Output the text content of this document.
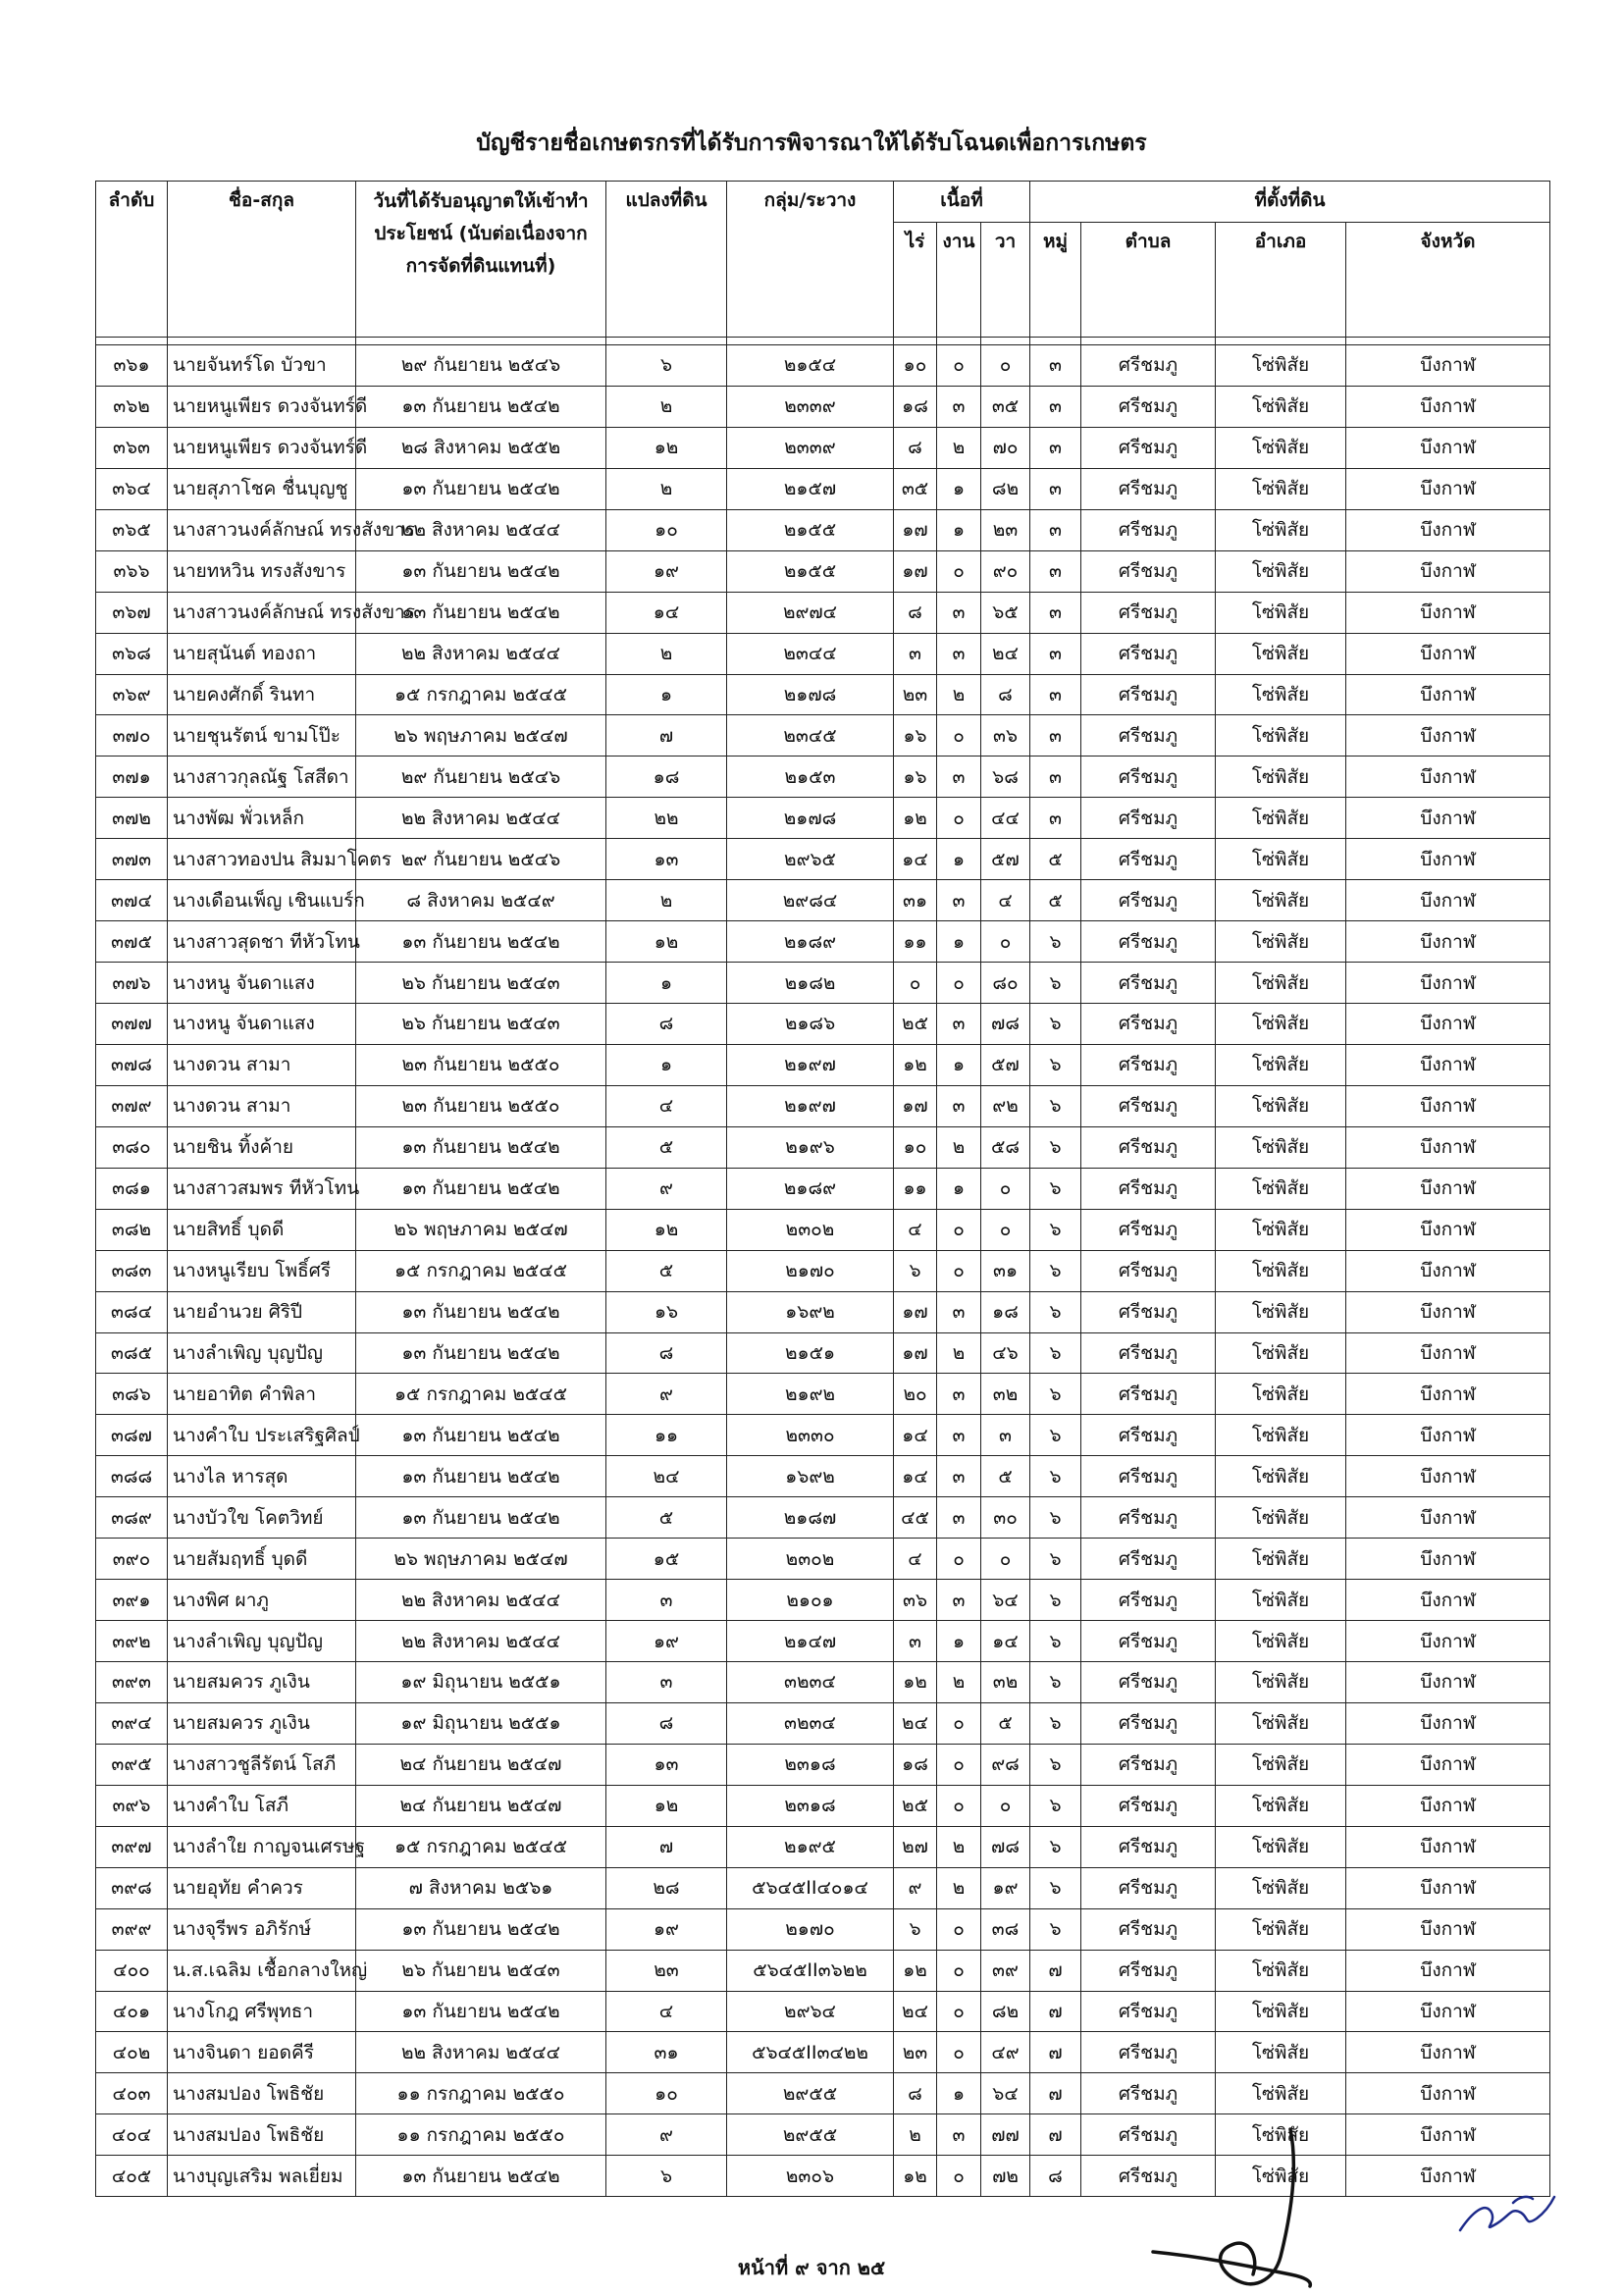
บัญชีรายชื่อเกษตรกรที่ได้รับการพิจารณาให้ได้รับโฉนดเพื่อการเกษตร
ลำดับ	ชื่อ-สกุล	วันที่ได้รับอนุญาตให้เข้าทำประโยชน์ (นับต่อเนื่องจากการจัดที่ดินแทนที่)	แปลงที่ดิน	กลุ่ม/ระวาง	เนื้อที่			ที่ตั้งที่ดิน			
					ไร่	งาน	วา	หมู่	ตำบล	อำเภอ	จังหวัด

๓๖๑	นายจันทร์โด บัวขา	๒๙ กันยายน ๒๕๔๖	๖	๒๑๕๔	๑๐	๐	๐	๓	ศรีชมภู	โซ่พิสัย	บึงกาฬ
๓๖๒	นายหนูเพียร ดวงจันทร์ดี	๑๓ กันยายน ๒๕๔๒	๒	๒๓๓๙	๑๘	๓	๓๕	๓	ศรีชมภู	โซ่พิสัย	บึงกาฬ
๓๖๓	นายหนูเพียร ดวงจันทร์ดี	๒๘ สิงหาคม ๒๕๕๒	๑๒	๒๓๓๙	๘	๒	๗๐	๓	ศรีชมภู	โซ่พิสัย	บึงกาฬ
๓๖๔	นายสุภาโชค ชื่นบุญชู	๑๓ กันยายน ๒๕๔๒	๒	๒๑๕๗	๓๕	๑	๘๒	๓	ศรีชมภู	โซ่พิสัย	บึงกาฬ
๓๖๕	นางสาวนงค์ลักษณ์ ทรงสังขาร	๒๒ สิงหาคม ๒๕๔๔	๑๐	๒๑๕๕	๑๗	๑	๒๓	๓	ศรีชมภู	โซ่พิสัย	บึงกาฬ
๓๖๖	นายทหวิน ทรงสังขาร	๑๓ กันยายน ๒๕๔๒	๑๙	๒๑๕๕	๑๗	๐	๙๐	๓	ศรีชมภู	โซ่พิสัย	บึงกาฬ
๓๖๗	นางสาวนงค์ลักษณ์ ทรงสังขาร	๑๓ กันยายน ๒๕๔๒	๑๔	๒๙๗๔	๘	๓	๖๕	๓	ศรีชมภู	โซ่พิสัย	บึงกาฬ
๓๖๘	นายสุนันต์ ทองถา	๒๒ สิงหาคม ๒๕๔๔	๒	๒๓๔๔	๓	๓	๒๔	๓	ศรีชมภู	โซ่พิสัย	บึงกาฬ
๓๖๙	นายคงศักดิ์ รินทา	๑๕ กรกฎาคม ๒๕๔๕	๑	๒๑๗๘	๒๓	๒	๘	๓	ศรีชมภู	โซ่พิสัย	บึงกาฬ
๓๗๐	นายชุนรัตน์ ขามโป๊ะ	๒๖ พฤษภาคม ๒๕๔๗	๗	๒๓๔๕	๑๖	๐	๓๖	๓	ศรีชมภู	โซ่พิสัย	บึงกาฬ
๓๗๑	นางสาวกุลณัฐ โสสีดา	๒๙ กันยายน ๒๕๔๖	๑๘	๒๑๕๓	๑๖	๓	๖๘	๓	ศรีชมภู	โซ่พิสัย	บึงกาฬ
๓๗๒	นางพัฒ พั่วเหล็ก	๒๒ สิงหาคม ๒๕๔๔	๒๒	๒๑๗๘	๑๒	๐	๔๔	๓	ศรีชมภู	โซ่พิสัย	บึงกาฬ
๓๗๓	นางสาวทองปน สิมมาโคตร	๒๙ กันยายน ๒๕๔๖	๑๓	๒๙๖๕	๑๔	๑	๕๗	๕	ศรีชมภู	โซ่พิสัย	บึงกาฬ
๓๗๔	นางเดือนเพ็ญ เชินแบร์ก	๘ สิงหาคม ๒๕๔๙	๒	๒๙๘๔	๓๑	๓	๔	๕	ศรีชมภู	โซ่พิสัย	บึงกาฬ
๓๗๕	นางสาวสุดชา ทีหัวโทน	๑๓ กันยายน ๒๕๔๒	๑๒	๒๑๘๙	๑๑	๑	๐	๖	ศรีชมภู	โซ่พิสัย	บึงกาฬ
๓๗๖	นางหนู จันดาแสง	๒๖ กันยายน ๒๕๔๓	๑	๒๑๘๒	๐	๐	๘๐	๖	ศรีชมภู	โซ่พิสัย	บึงกาฬ
๓๗๗	นางหนู จันดาแสง	๒๖ กันยายน ๒๕๔๓	๘	๒๑๘๖	๒๕	๓	๗๘	๖	ศรีชมภู	โซ่พิสัย	บึงกาฬ
๓๗๘	นางดวน สามา	๒๓ กันยายน ๒๕๕๐	๑	๒๑๙๗	๑๒	๑	๕๗	๖	ศรีชมภู	โซ่พิสัย	บึงกาฬ
๓๗๙	นางดวน สามา	๒๓ กันยายน ๒๕๕๐	๔	๒๑๙๗	๑๗	๓	๙๒	๖	ศรีชมภู	โซ่พิสัย	บึงกาฬ
๓๘๐	นายชิน ทิ้งค้าย	๑๓ กันยายน ๒๕๔๒	๕	๒๑๙๖	๑๐	๒	๕๘	๖	ศรีชมภู	โซ่พิสัย	บึงกาฬ
๓๘๑	นางสาวสมพร ทีหัวโทน	๑๓ กันยายน ๒๕๔๒	๙	๒๑๘๙	๑๑	๑	๐	๖	ศรีชมภู	โซ่พิสัย	บึงกาฬ
๓๘๒	นายสิทธิ์ บุดดี	๒๖ พฤษภาคม ๒๕๔๗	๑๒	๒๓๐๒	๔	๐	๐	๖	ศรีชมภู	โซ่พิสัย	บึงกาฬ
๓๘๓	นางหนูเรียบ โพธิ์ศรี	๑๕ กรกฎาคม ๒๕๔๕	๕	๒๑๗๐	๖	๐	๓๑	๖	ศรีชมภู	โซ่พิสัย	บึงกาฬ
๓๘๔	นายอำนวย ศิริปี	๑๓ กันยายน ๒๕๔๒	๑๖	๑๖๙๒	๑๗	๓	๑๘	๖	ศรีชมภู	โซ่พิสัย	บึงกาฬ
๓๘๕	นางลำเพิญ บุญปัญ	๑๓ กันยายน ๒๕๔๒	๘	๒๑๕๑	๑๗	๒	๔๖	๖	ศรีชมภู	โซ่พิสัย	บึงกาฬ
๓๘๖	นายอาทิต คำพิลา	๑๕ กรกฎาคม ๒๕๔๕	๙	๒๑๙๒	๒๐	๓	๓๒	๖	ศรีชมภู	โซ่พิสัย	บึงกาฬ
๓๘๗	นางคำใบ ประเสริฐศิลป์	๑๓ กันยายน ๒๕๔๒	๑๑	๒๓๓๐	๑๔	๓	๓	๖	ศรีชมภู	โซ่พิสัย	บึงกาฬ
๓๘๘	นางไล หารสุด	๑๓ กันยายน ๒๕๔๒	๒๔	๑๖๙๒	๑๔	๓	๕	๖	ศรีชมภู	โซ่พิสัย	บึงกาฬ
๓๘๙	นางบัวใข โคตวิทย์	๑๓ กันยายน ๒๕๔๒	๕	๒๑๘๗	๔๕	๓	๓๐	๖	ศรีชมภู	โซ่พิสัย	บึงกาฬ
๓๙๐	นายสัมฤทธิ์ บุดดี	๒๖ พฤษภาคม ๒๕๔๗	๑๕	๒๓๐๒	๔	๐	๐	๖	ศรีชมภู	โซ่พิสัย	บึงกาฬ
๓๙๑	นางพิศ ผาภู	๒๒ สิงหาคม ๒๕๔๔	๓	๒๑๐๑	๓๖	๓	๖๔	๖	ศรีชมภู	โซ่พิสัย	บึงกาฬ
๓๙๒	นางลำเพิญ บุญปัญ	๒๒ สิงหาคม ๒๕๔๔	๑๙	๒๑๔๗	๓	๑	๑๔	๖	ศรีชมภู	โซ่พิสัย	บึงกาฬ
๓๙๓	นายสมควร ภูเงิน	๑๙ มิถุนายน ๒๕๕๑	๓	๓๒๓๔	๑๒	๒	๓๒	๖	ศรีชมภู	โซ่พิสัย	บึงกาฬ
๓๙๔	นายสมควร ภูเงิน	๑๙ มิถุนายน ๒๕๕๑	๘	๓๒๓๔	๒๔	๐	๕	๖	ศรีชมภู	โซ่พิสัย	บึงกาฬ
๓๙๕	นางสาวชูลีรัตน์ โสภี	๒๔ กันยายน ๒๕๔๗	๑๓	๒๓๑๘	๑๘	๐	๙๘	๖	ศรีชมภู	โซ่พิสัย	บึงกาฬ
๓๙๖	นางคำใบ โสภี	๒๔ กันยายน ๒๕๔๗	๑๒	๒๓๑๘	๒๕	๐	๐	๖	ศรีชมภู	โซ่พิสัย	บึงกาฬ
๓๙๗	นางลำใย กาญจนเศรษฐ	๑๕ กรกฎาคม ๒๕๔๕	๗	๒๑๙๕	๒๗	๒	๗๘	๖	ศรีชมภู	โซ่พิสัย	บึงกาฬ
๓๙๘	นายอุทัย คำควร	๗ สิงหาคม ๒๕๖๑	๒๘	๕๖๔๕II๔๐๑๔	๙	๒	๑๙	๖	ศรีชมภู	โซ่พิสัย	บึงกาฬ
๓๙๙	นางจุรีพร อภิรักษ์	๑๓ กันยายน ๒๕๔๒	๑๙	๒๑๗๐	๖	๐	๓๘	๖	ศรีชมภู	โซ่พิสัย	บึงกาฬ
๔๐๐	น.ส.เฉลิม เชื้อกลางใหญ่	๒๖ กันยายน ๒๕๔๓	๒๓	๕๖๔๕II๓๖๒๒	๑๒	๐	๓๙	๗	ศรีชมภู	โซ่พิสัย	บึงกาฬ
๔๐๑	นางโกฎ ศรีพุทธา	๑๓ กันยายน ๒๕๔๒	๔	๒๙๖๔	๒๔	๐	๘๒	๗	ศรีชมภู	โซ่พิสัย	บึงกาฬ
๔๐๒	นางจินดา ยอดคีรี	๒๒ สิงหาคม ๒๕๔๔	๓๑	๕๖๔๕II๓๔๒๒	๒๓	๐	๔๙	๗	ศรีชมภู	โซ่พิสัย	บึงกาฬ
๔๐๓	นางสมปอง โพธิชัย	๑๑ กรกฎาคม ๒๕๕๐	๑๐	๒๙๕๕	๘	๑	๖๔	๗	ศรีชมภู	โซ่พิสัย	บึงกาฬ
๔๐๔	นางสมปอง โพธิชัย	๑๑ กรกฎาคม ๒๕๕๐	๙	๒๙๕๕	๒	๓	๗๗	๗	ศรีชมภู	โซ่พิสัย	บึงกาฬ
๔๐๕	นางบุญเสริม พลเยี่ยม	๑๓ กันยายน ๒๕๔๒	๖	๒๓๐๖	๑๒	๐	๗๒	๘	ศรีชมภู	โซ่พิสัย	บึงกาฬ
หน้าที่ ๙ จาก ๒๕
